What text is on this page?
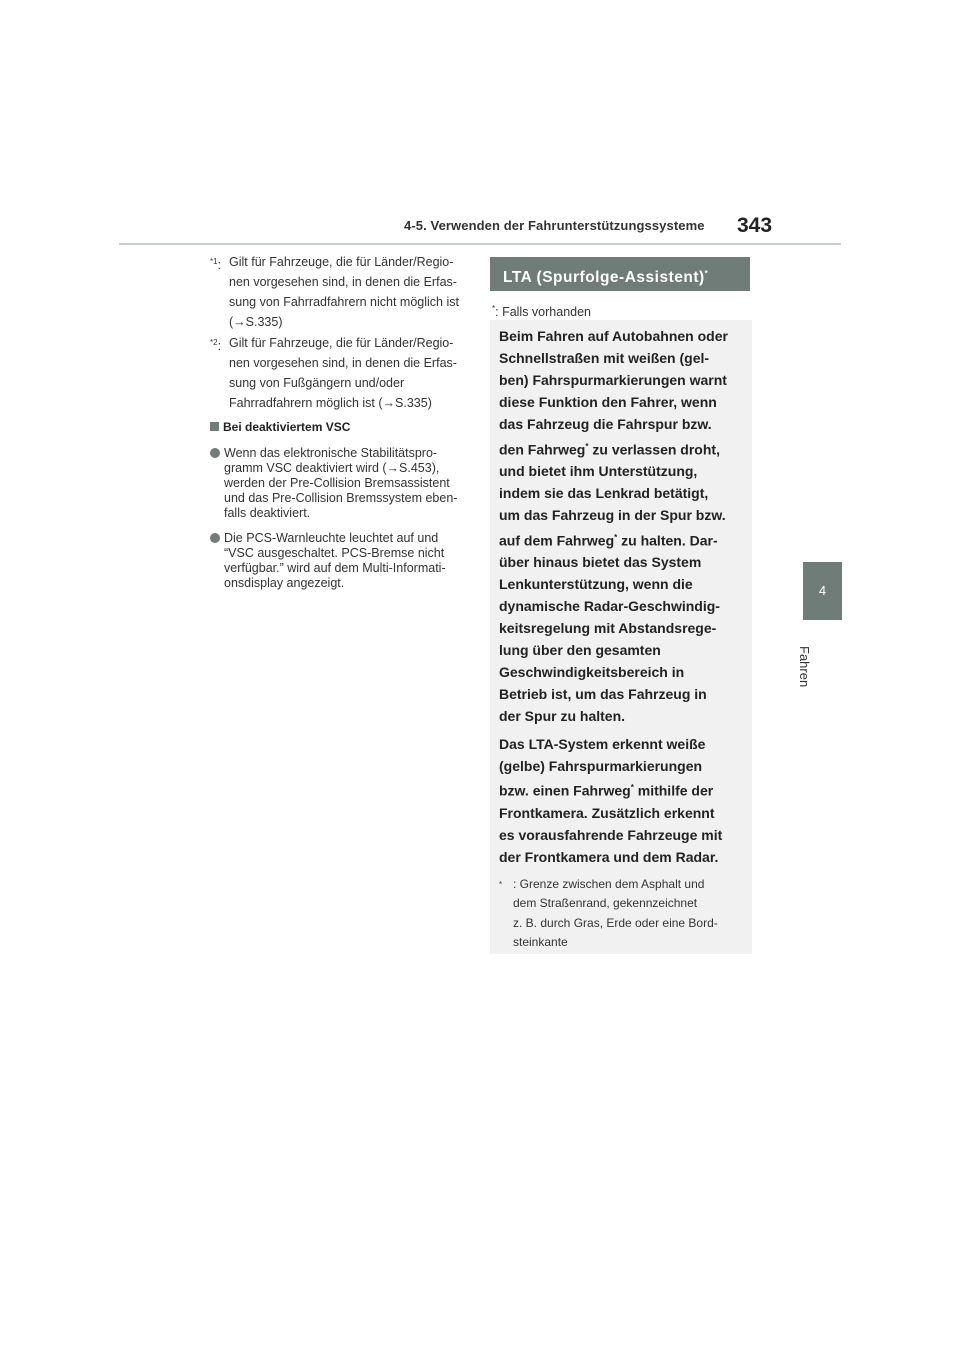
4-5. Verwenden der Fahrunterstützungssysteme 343
4
Fahren
$^{*1}$: Gilt für Fahrzeuge, die für Länder/Regio-
nen vorgesehen sind, in denen die Erfas-
sung von Fahrradfahrern nicht möglich ist
(→S.335)
$^{*2}$: Gilt für Fahrzeuge, die für Länder/Regio-
nen vorgesehen sind, in denen die Erfas-
sung von Fußgängern und/oder
Fahrradfahrern möglich ist (→S.335)
Bei deaktiviertem VSC
Wenn das elektronische Stabilitätspro-
gramm VSC deaktiviert wird (→S.453),
werden der Pre-Collision Bremsassistent
und das Pre-Collision Bremssystem eben-
falls deaktiviert.
Die PCS-Warnleuchte leuchtet auf und
“VSC ausgeschaltet. PCS-Bremse nicht
verfügbar.” wird auf dem Multi-Informati-
onsdisplay angezeigt.
LTA (Spurfolge-Assistent)*
*: Falls vorhanden
Beim Fahren auf Autobahnen oder
Schnellstraßen mit weißen (gel-
ben) Fahrspurmarkierungen warnt
diese Funktion den Fahrer, wenn
das Fahrzeug die Fahrspur bzw.
den Fahrweg* zu verlassen droht,
und bietet ihm Unterstützung,
indem sie das Lenkrad betätigt,
um das Fahrzeug in der Spur bzw.
auf dem Fahrweg* zu halten. Dar-
über hinaus bietet das System
Lenkunterstützung, wenn die
dynamische Radar-Geschwindig-
keitsregelung mit Abstandsrege-
lung über den gesamten
Geschwindigkeitsbereich in
Betrieb ist, um das Fahrzeug in
der Spur zu halten.
Das LTA-System erkennt weiße
(gelbe) Fahrspurmarkierungen
bzw. einen Fahrweg* mithilfe der
Frontkamera. Zusätzlich erkennt
es vorausfahrende Fahrzeuge mit
der Frontkamera und dem Radar.
* : Grenze zwischen dem Asphalt und
dem Straßenrand, gekennzeichnet
z. B. durch Gras, Erde oder eine Bord-
steinkante
